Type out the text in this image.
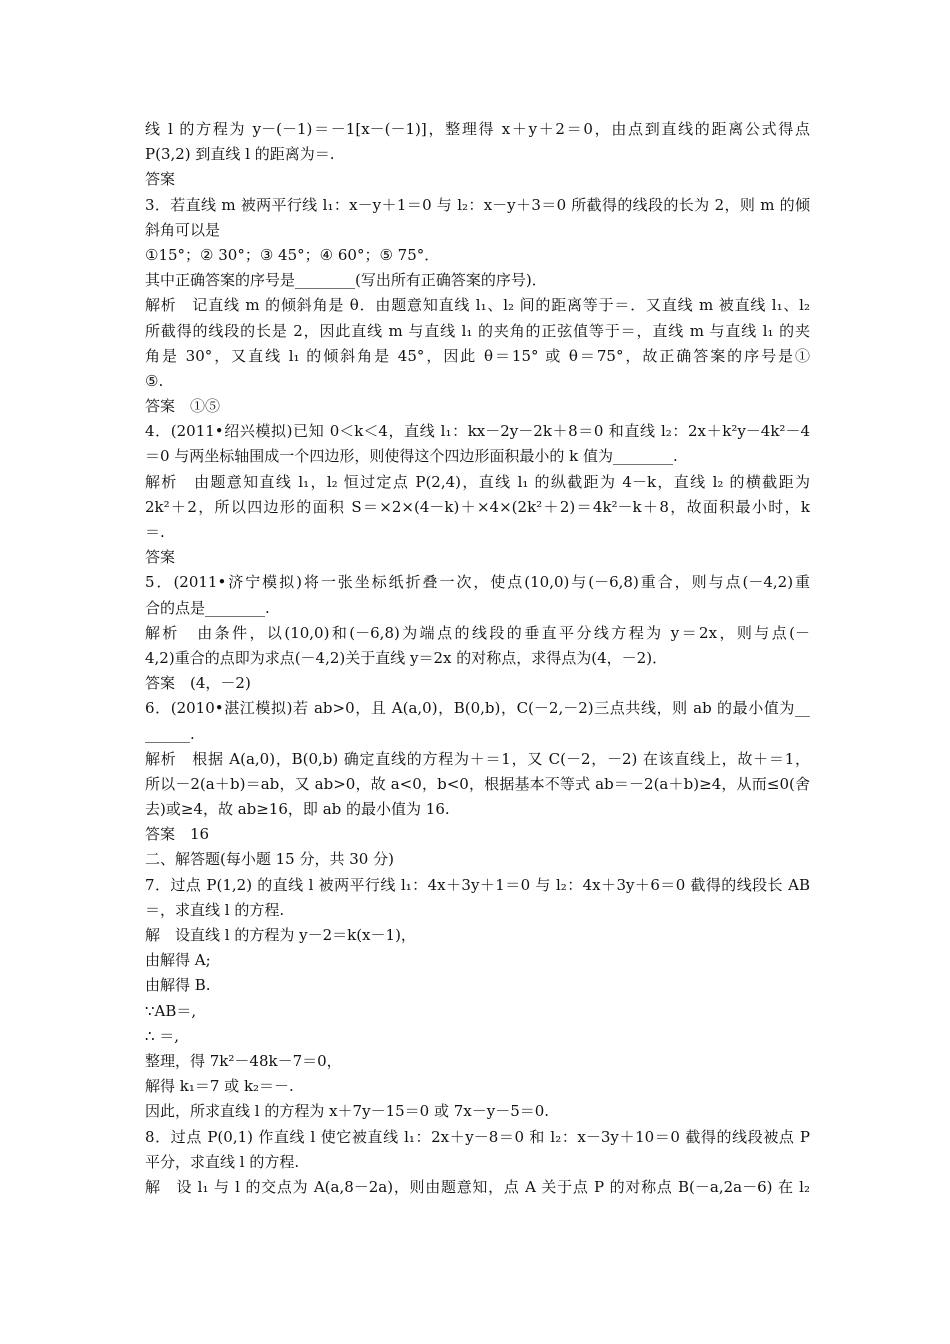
线 l 的方程为 y－(－1)＝－1[x－(－1)]，整理得 x＋y＋2＝0，由点到直线的距离公式得点
P(3,2) 到直线 l 的距离为＝.
答案
3．若直线 m 被两平行线 l₁：x－y＋1＝0 与 l₂：x－y＋3＝0 所截得的线段的长为 2，则 m 的倾
斜角可以是
①15°；② 30°；③ 45°；④ 60°；⑤ 75°．
其中正确答案的序号是________(写出所有正确答案的序号)．
解析　记直线 m 的倾斜角是 θ．由题意知直线 l₁、l₂ 间的距离等于＝．又直线 m 被直线 l₁、l₂
所截得的线段的长是 2，因此直线 m 与直线 l₁ 的夹角的正弦值等于＝，直线 m 与直线 l₁ 的夹
角是 30°，又直线 l₁ 的倾斜角是 45°，因此 θ＝15° 或 θ＝75°，故正确答案的序号是①
⑤.
答案　①⑤
4．(2011•绍兴模拟)已知 0＜k＜4，直线 l₁：kx－2y－2k＋8＝0 和直线 l₂：2x＋k²y－4k²－4
＝0 与两坐标轴围成一个四边形，则使得这个四边形面积最小的 k 值为________.
解析　由题意知直线 l₁，l₂ 恒过定点 P(2,4)，直线 l₁ 的纵截距为 4－k，直线 l₂ 的横截距为
2k²＋2，所以四边形的面积 S＝×2×(4－k)＋×4×(2k²＋2)＝4k²－k＋8，故面积最小时，k
＝.
答案
5．(2011•济宁模拟)将一张坐标纸折叠一次，使点(10,0)与(－6,8)重合，则与点(－4,2)重
合的点是________.
解析　由条件，以(10,0)和(－6,8)为端点的线段的垂直平分线方程为 y＝2x，则与点(－
4,2)重合的点即为求点(－4,2)关于直线 y＝2x 的对称点，求得点为(4，－2)．
答案　(4，－2)
6．(2010•湛江模拟)若 ab>0，且 A(a,0)，B(0,b)，C(－2,－2)三点共线，则 ab 的最小值为__
______.
解析　根据 A(a,0)，B(0,b) 确定直线的方程为＋＝1，又 C(－2，－2) 在该直线上，故＋＝1，
所以－2(a＋b)＝ab，又 ab>0，故 a<0，b<0，根据基本不等式 ab＝－2(a＋b)≥4，从而≤0(舍
去)或≥4，故 ab≥16，即 ab 的最小值为 16.
答案　16
二、解答题(每小题 15 分，共 30 分)
7．过点 P(1,2) 的直线 l 被两平行线 l₁：4x＋3y＋1＝0 与 l₂：4x＋3y＋6＝0 截得的线段长 AB
＝，求直线 l 的方程.
解　设直线 l 的方程为 y－2＝k(x－1)，
由解得 A;
由解得 B.
∵AB＝,
∴ ＝,
整理，得 7k²－48k－7＝0，
解得 k₁＝7 或 k₂＝－.
因此，所求直线 l 的方程为 x＋7y－15＝0 或 7x－y－5＝0.
8．过点 P(0,1) 作直线 l 使它被直线 l₁：2x＋y－8＝0 和 l₂：x－3y＋10＝0 截得的线段被点 P
平分，求直线 l 的方程.
解　设 l₁ 与 l 的交点为 A(a,8－2a)，则由题意知，点 A 关于点 P 的对称点 B(－a,2a－6) 在 l₂
